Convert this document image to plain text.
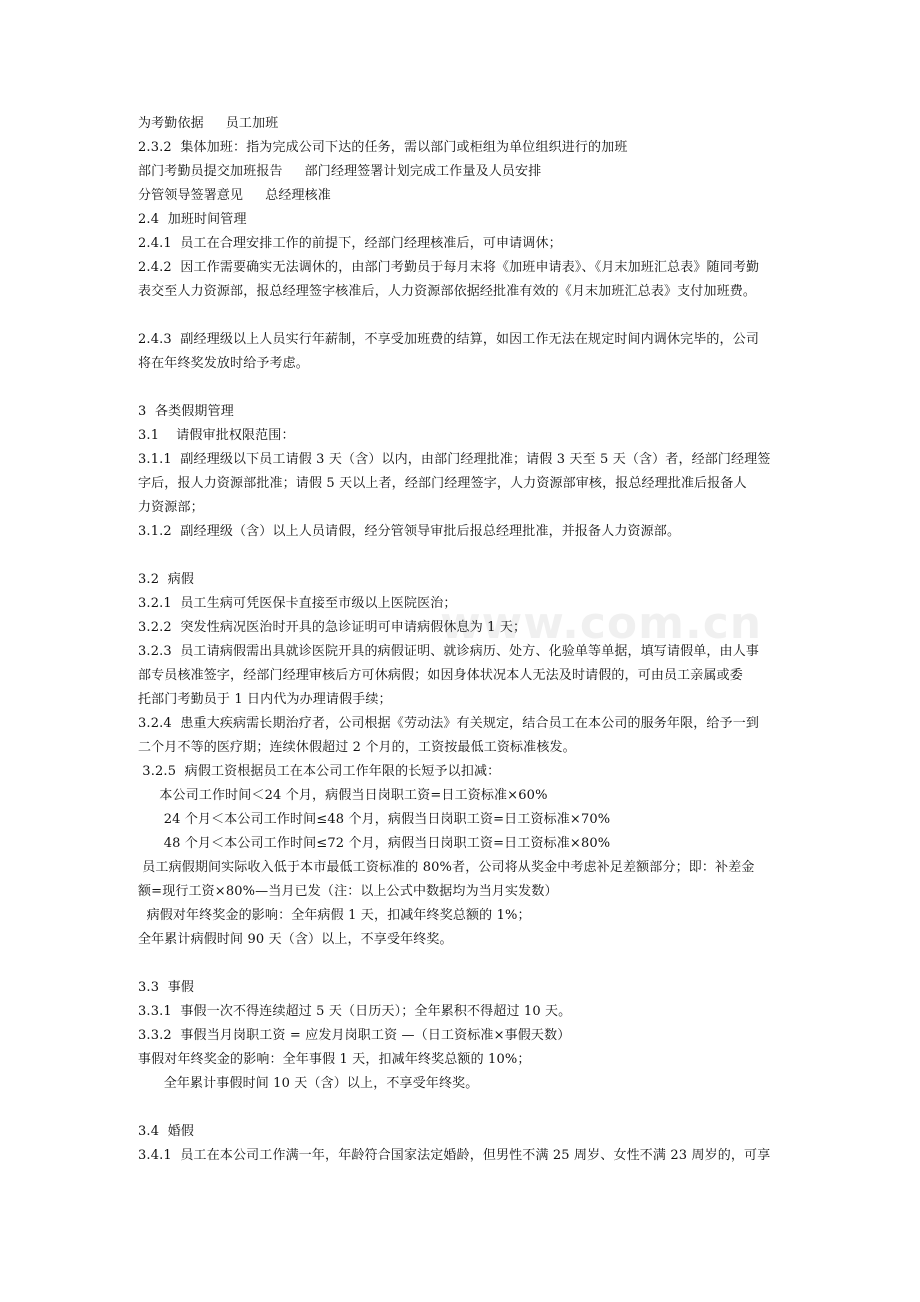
www.com.cn
为考勤依据 员工加班
2.3.2  集体加班：指为完成公司下达的任务，需以部门或柜组为单位组织进行的加班
部门考勤员提交加班报告 部门经理签署计划完成工作量及人员安排
分管领导签署意见 总经理核准
2.4  加班时间管理
2.4.1  员工在合理安排工作的前提下，经部门经理核准后，可申请调休；
2.4.2  因工作需要确实无法调休的，由部门考勤员于每月末将《加班申请表》、《月末加班汇总表》随同考勤
表交至人力资源部，报总经理签字核准后，人力资源部依据经批准有效的《月末加班汇总表》支付加班费。
2.4.3  副经理级以上人员实行年薪制，不享受加班费的结算，如因工作无法在规定时间内调休完毕的，公司
将在年终奖发放时给予考虑。
3  各类假期管理
3.1    请假审批权限范围：
3.1.1  副经理级以下员工请假 3 天（含）以内，由部门经理批准；请假 3 天至 5 天（含）者，经部门经理签
字后，报人力资源部批准；请假 5 天以上者，经部门经理签字，人力资源部审核，报总经理批准后报备人
力资源部；
3.1.2  副经理级（含）以上人员请假，经分管领导审批后报总经理批准，并报备人力资源部。
3.2  病假
3.2.1  员工生病可凭医保卡直接至市级以上医院医治；
3.2.2  突发性病况医治时开具的急诊证明可申请病假休息为 1 天；
3.2.3  员工请病假需出具就诊医院开具的病假证明、就诊病历、处方、化验单等单据，填写请假单，由人事
部专员核准签字，经部门经理审核后方可休病假；如因身体状况本人无法及时请假的，可由员工亲属或委
托部门考勤员于 1 日内代为办理请假手续；
3.2.4  患重大疾病需长期治疗者，公司根据《劳动法》有关规定，结合员工在本公司的服务年限，给予一到
二个月不等的医疗期；连续休假超过 2 个月的，工资按最低工资标准核发。
3.2.5  病假工资根据员工在本公司工作年限的长短予以扣减：
本公司工作时间＜24 个月，病假当日岗职工资=日工资标准×60%
24 个月＜本公司工作时间≤48 个月，病假当日岗职工资=日工资标准×70%
48 个月＜本公司工作时间≤72 个月，病假当日岗职工资=日工资标准×80%
员工病假期间实际收入低于本市最低工资标准的 80%者，公司将从奖金中考虑补足差额部分；即：补差金
额=现行工资×80%—当月已发（注：以上公式中数据均为当月实发数）
病假对年终奖金的影响：全年病假 1 天，扣减年终奖总额的 1%；
全年累计病假时间 90 天（含）以上，不享受年终奖。
3.3  事假
3.3.1  事假一次不得连续超过 5 天（日历天）；全年累积不得超过 10 天。
3.3.2  事假当月岗职工资 = 应发月岗职工资 —（日工资标准×事假天数）
事假对年终奖金的影响：全年事假 1 天，扣减年终奖总额的 10%；
全年累计事假时间 10 天（含）以上，不享受年终奖。
3.4  婚假
3.4.1  员工在本公司工作满一年，年龄符合国家法定婚龄，但男性不满 25 周岁、女性不满 23 周岁的，可享
